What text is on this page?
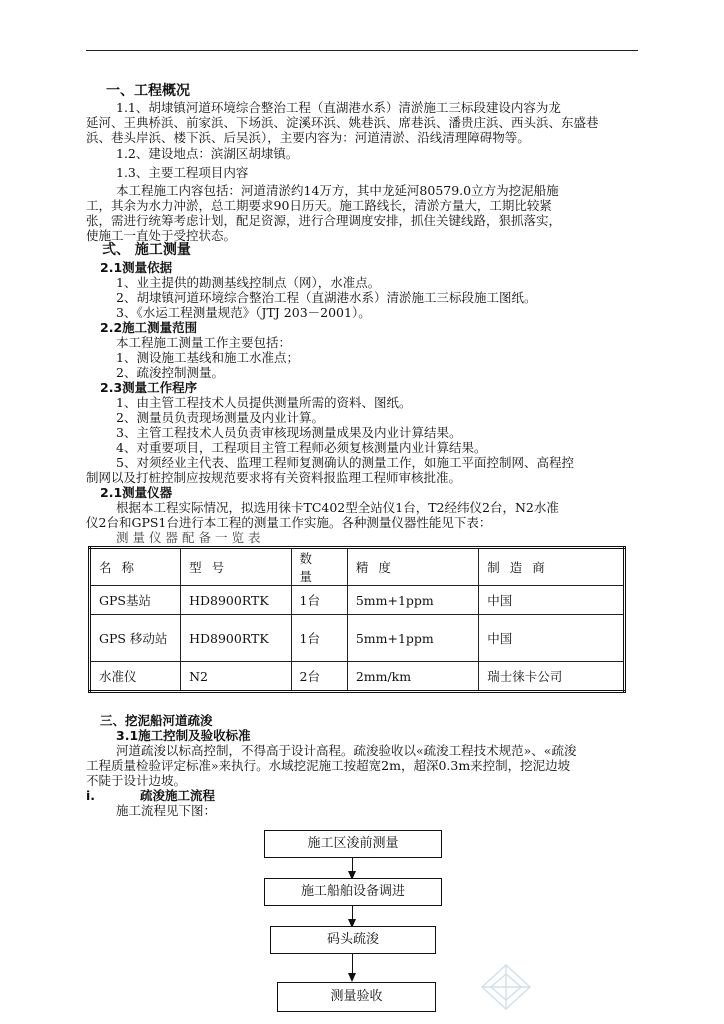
一、工程概况
1.1、胡埭镇河道环境综合整治工程（直湖港水系）清淤施工三标段建设内容为龙
延河、王典桥浜、前家浜、下场浜、淀溪环浜、姚巷浜、席巷浜、潘贵庄浜、西头浜、东盛巷
浜、巷头岸浜、楼下浜、后吴浜），主要内容为：河道清淤、沿线清理障碍物等。
1.2、建设地点：滨湖区胡埭镇。
1.3、主要工程项目内容
本工程施工内容包括：河道清淤约14万方，其中龙延河80579.0立方为挖泥船施
工，其余为水力冲淤，总工期要求90日历天。施工路线长，清淤方量大，工期比较紧
张，需进行统筹考虑计划，配足资源，进行合理调度安排，抓住关键线路，狠抓落实，
使施工一直处于受控状态。
弍、 施工测量
2.1测量依据
1、业主提供的勘测基线控制点（网），水准点。
2、胡埭镇河道环境综合整治工程（直湖港水系）清淤施工三标段施工图纸。
3、《水运工程测量规范》（JTJ 203－2001）。
2.2施工测量范围
本工程施工测量工作主要包括：
1、测设施工基线和施工水准点；
2、疏浚控制测量。
2.3测量工作程序
1、由主管工程技术人员提供测量所需的资料、图纸。
2、测量员负责现场测量及内业计算。
3、主管工程技术人员负责审核现场测量成果及内业计算结果。
4、对重要项目，工程项目主管工程师必须复核测量内业计算结果。
5、对须经业主代表、监理工程师复测确认的测量工作，如施工平面控制网、高程控
制网以及打桩控制应按规范要求将有关资料报监理工程师审核批准。
2.1测量仪器
根据本工程实际情况，拟选用徕卡TC402型全站仪1台，T2经纬仪2台，N2水准
仪2台和GPS1台进行本工程的测量工作实施。各种测量仪器性能见下表：
测量仪器配备一览表
名称	型号	数量	精度	制造商
GPS基站	HD8900RTK	1台	5mm+1ppm	中国
GPS 移动站	HD8900RTK	1台	5mm+1ppm	中国
水准仪	N2	2台	2mm/km	瑞士徕卡公司
三、挖泥船河道疏浚
3.1施工控制及验收标准
河道疏浚以标高控制，不得高于设计高程。疏浚验收以«疏浚工程技术规范»、«疏浚
工程质量检验评定标准»来执行。水域挖泥施工按超宽2m，超深0.3m来控制，挖泥边坡
不陡于设计边坡。
i.	疏浚施工流程
施工流程见下图：
施工区浚前测量
施工船舶设备调进
码头疏浚
测量验收
